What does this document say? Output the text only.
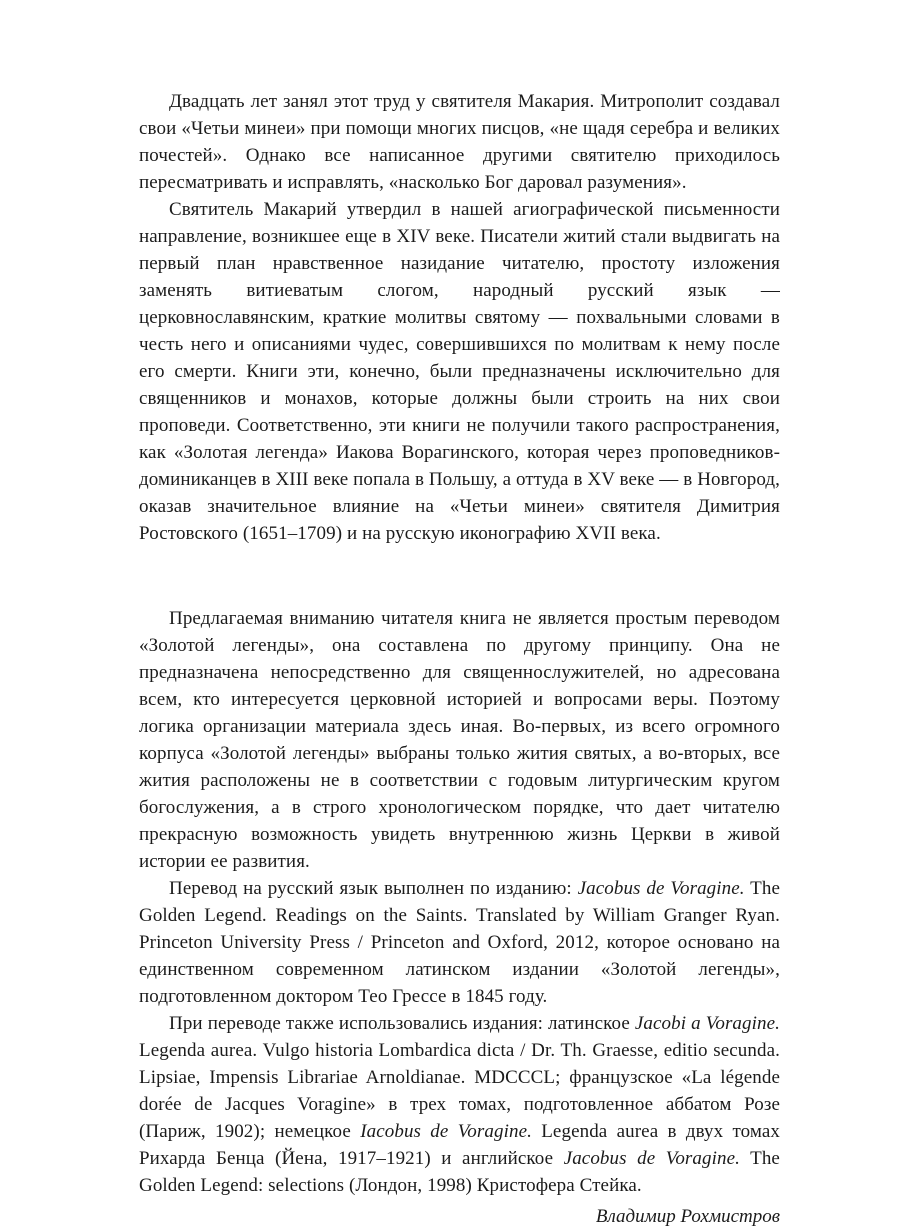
Двадцать лет занял этот труд у святителя Макария. Митрополит создавал свои «Четьи минеи» при помощи многих писцов, «не щадя серебра и великих почестей». Однако все написанное другими святителю приходилось пересматривать и исправлять, «насколько Бог даровал разумения».

Святитель Макарий утвердил в нашей агиографической письменности направление, возникшее еще в XIV веке. Писатели житий стали выдвигать на первый план нравственное назидание читателю, простоту изложения заменять витиеватым слогом, народный русский язык — церковнославянским, краткие молитвы святому — похвальными словами в честь него и описаниями чудес, совершившихся по молитвам к нему после его смерти. Книги эти, конечно, были предназначены исключительно для священников и монахов, которые должны были строить на них свои проповеди. Соответственно, эти книги не получили такого распространения, как «Золотая легенда» Иакова Ворагинского, которая через проповедников-доминиканцев в XIII веке попала в Польшу, а оттуда в XV веке — в Новгород, оказав значительное влияние на «Четьи минеи» святителя Димитрия Ростовского (1651–1709) и на русскую иконографию XVII века.

Предлагаемая вниманию читателя книга не является простым переводом «Золотой легенды», она составлена по другому принципу. Она не предназначена непосредственно для священнослужителей, но адресована всем, кто интересуется церковной историей и вопросами веры. Поэтому логика организации материала здесь иная. Во-первых, из всего огромного корпуса «Золотой легенды» выбраны только жития святых, а во-вторых, все жития расположены не в соответствии с годовым литургическим кругом богослужения, а в строго хронологическом порядке, что дает читателю прекрасную возможность увидеть внутреннюю жизнь Церкви в живой истории ее развития.

Перевод на русский язык выполнен по изданию: Jacobus de Voragine. The Golden Legend. Readings on the Saints. Translated by William Granger Ryan. Princeton University Press / Princeton and Oxford, 2012, которое основано на единственном современном латинском издании «Золотой легенды», подготовленном доктором Тео Грессе в 1845 году.

При переводе также использовались издания: латинское Jacobi a Voragine. Legenda aurea. Vulgo historia Lombardica dicta / Dr. Th. Graesse, editio secunda. Lipsiae, Impensis Librariae Arnoldianae. MDCCCL; французское «La légende dorée de Jacques Voragine» в трех томах, подготовленное аббатом Розе (Париж, 1902); немецкое Iacobus de Voragine. Legenda aurea в двух томах Рихарда Бенца (Йена, 1917–1921) и английское Jacobus de Voragine. The Golden Legend: selections (Лондон, 1998) Кристофера Стейка.

Владимир Рохмистров
